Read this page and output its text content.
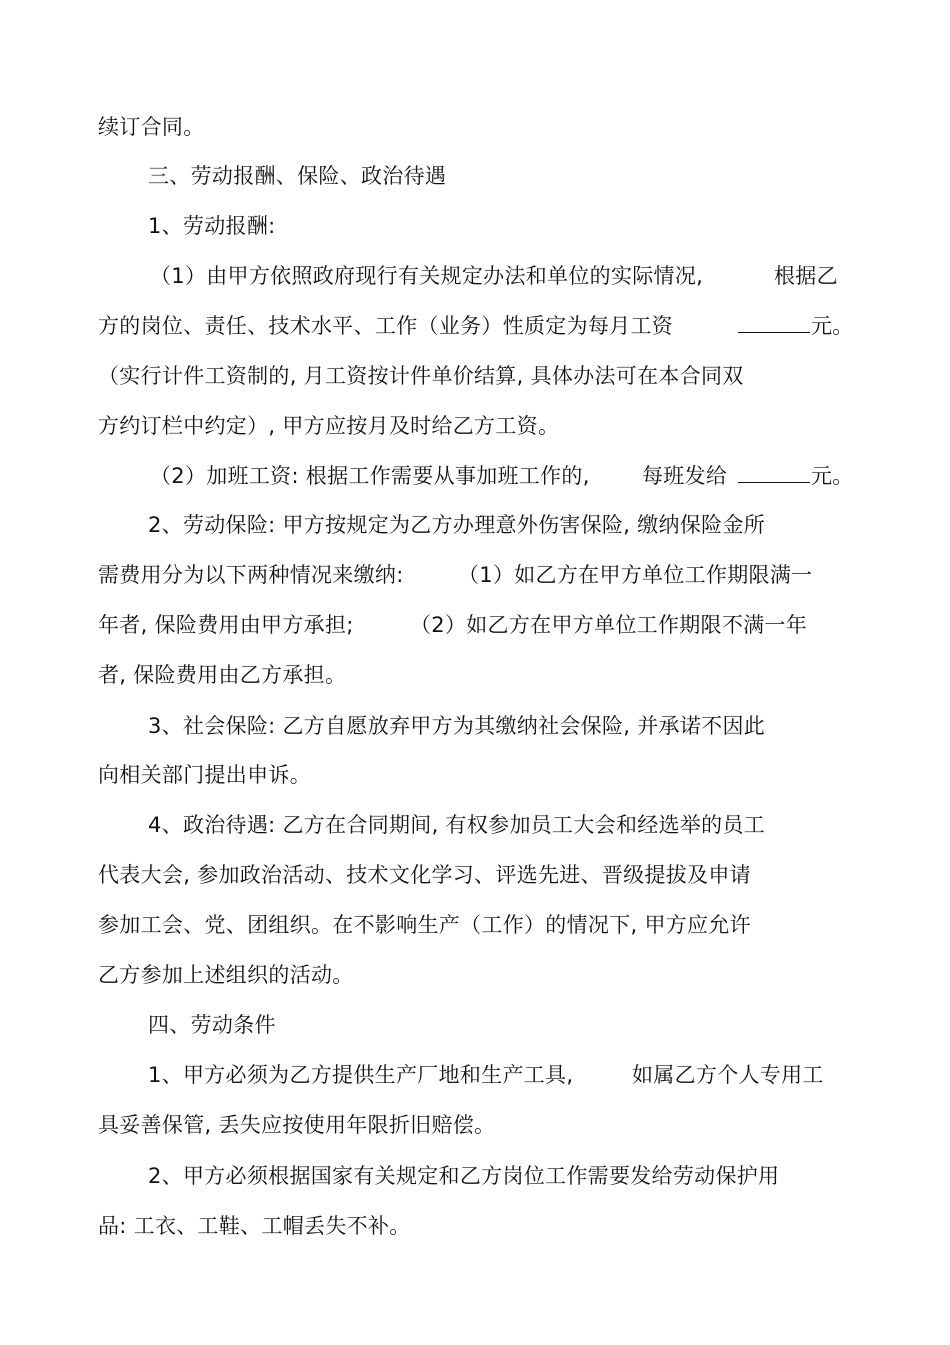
续订合同。
三、劳动报酬、保险、政治待遇
1、劳动报酬:
（1）由甲方依照政府现行有关规定办法和单位的实际情况,	根据乙
方的岗位、责任、技术水平、工作（业务）性质定为每月工资	元。
（实行计件工资制的, 月工资按计件单价结算, 具体办法可在本合同双
方约订栏中约定）, 甲方应按月及时给乙方工资。
（2）加班工资: 根据工作需要从事加班工作的, 每班发给	元。
2、劳动保险: 甲方按规定为乙方办理意外伤害保险, 缴纳保险金所
需费用分为以下两种情况来缴纳:	（1）如乙方在甲方单位工作期限满一
年者, 保险费用由甲方承担;	（2）如乙方在甲方单位工作期限不满一年
者, 保险费用由乙方承担。
3、社会保险: 乙方自愿放弃甲方为其缴纳社会保险, 并承诺不因此
向相关部门提出申诉。
4、政治待遇: 乙方在合同期间, 有权参加员工大会和经选举的员工
代表大会, 参加政治活动、技术文化学习、评选先进、晋级提拔及申请
参加工会、党、团组织。在不影响生产（工作）的情况下, 甲方应允许
乙方参加上述组织的活动。
四、劳动条件
1、甲方必须为乙方提供生产厂地和生产工具,	如属乙方个人专用工
具妥善保管, 丢失应按使用年限折旧赔偿。
2、甲方必须根据国家有关规定和乙方岗位工作需要发给劳动保护用
品: 工衣、工鞋、工帽丢失不补。
